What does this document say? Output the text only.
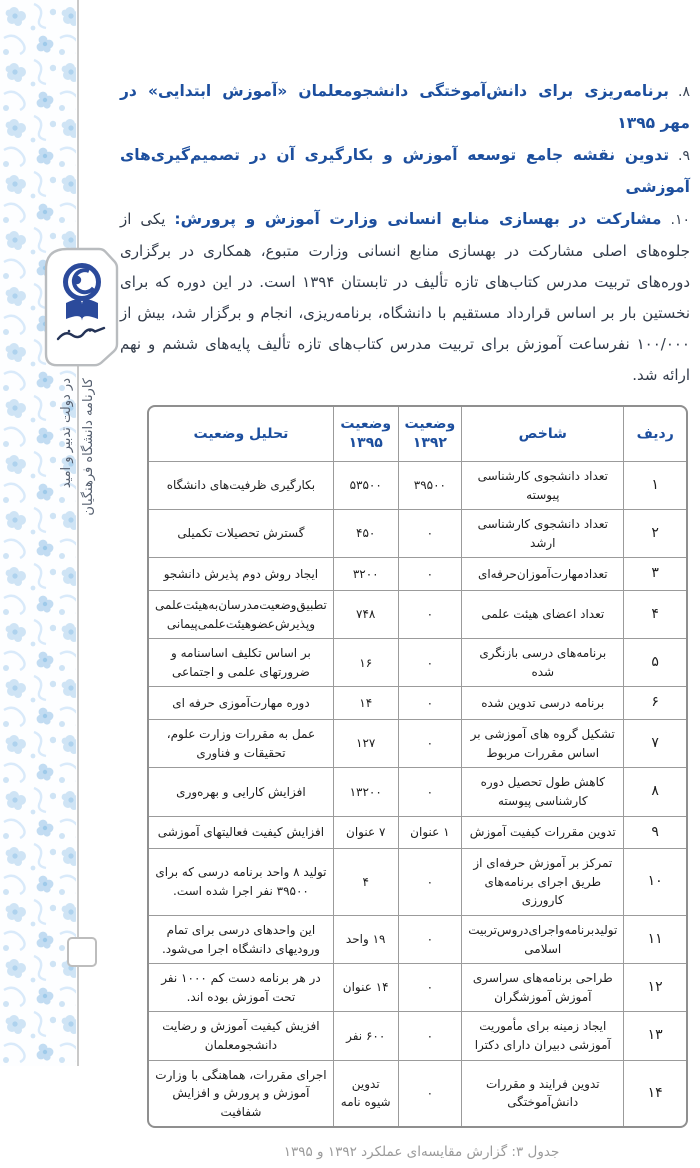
در دولت تدبیر و امید کارنامه دانشگاه فرهنگیان

۸.برنامه‌ریزی برای دانش‌آموختگی دانشجومعلمان «آموزش ابتدایی» در مهر ۱۳۹۵

۹.تدوین نقشه جامع توسعه آموزش و بکارگیری آن در تصمیم‌گیری‌های آموزشی

۱۰.مشارکت در بهسازی منابع انسانی وزارت آموزش و پرورش: یکی از جلوه‌های اصلی مشارکت در بهسازی منابع انسانی وزارت متبوع، همکاری در برگزاری دوره‌های تربیت مدرس کتاب‌های تازه تألیف در تابستان ۱۳۹۴ است. در این دوره که برای نخستین بار بر اساس قرارداد مستقیم با دانشگاه، برنامه‌ریزی، انجام و برگزار شد، بیش از ۱۰۰/۰۰۰ نفرساعت آموزش برای تربیت مدرس کتاب‌های تازه تألیف پایه‌های ششم و نهم ارائه شد.

ردیف	شاخص	وضعیت ۱۳۹۲	وضعیت ۱۳۹۵	تحلیل وضعیت
۱	تعداد دانشجوی کارشناسی پیوسته	۳۹۵۰۰	۵۳۵۰۰	بکارگیری ظرفیت‌های دانشگاه
۲	تعداد دانشجوی کارشناسی ارشد	۰	۴۵۰	گسترش تحصیلات تکمیلی
۳	تعدادمهارت‌آموزان‌حرفه‌ای	۰	۳۲۰۰	ایجاد روش دوم پذیرش دانشجو
۴	تعداد اعضای هیئت علمی	۰	۷۴۸	تطبیق‌وضعیت‌مدرسان‌به‌هیئت‌علمی وپذیرش‌عضوهیئت‌علمی‌پیمانی
۵	برنامه‌های درسی بازنگری شده	۰	۱۶	بر اساس تکلیف اساسنامه و ضرورتهای علمی و اجتماعی
۶	برنامه درسی تدوین شده	۰	۱۴	دوره مهارت‌آموزی حرفه ای
۷	تشکیل گروه های آموزشی بر اساس مقررات مربوط	۰	۱۲۷	عمل به مقررات وزارت علوم، تحقیقات و فناوری
۸	کاهش طول تحصیل دوره کارشناسی پیوسته	۰	۱۳۲۰۰	افزایش کارایی و بهره‌وری
۹	تدوین مقررات کیفیت آموزش	۱ عنوان	۷ عنوان	افزایش کیفیت فعالیتهای آموزشی
۱۰	تمرکز بر آموزش حرفه‌ای از طریق اجرای برنامه‌های کارورزی	۰	۴	تولید ۸ واحد برنامه درسی که برای ۳۹۵۰۰ نفر اجرا شده است.
۱۱	تولیدبرنامه‌واجرای‌دروس‌تربیت اسلامی	۰	۱۹ واحد	این واحدهای درسی برای تمام ورودیهای دانشگاه اجرا می‌شود.
۱۲	طراحی برنامه‌های سراسری آموزش آموزشگران	۰	۱۴ عنوان	در هر برنامه دست کم ۱۰۰۰ نفر تحت آموزش بوده اند.
۱۳	ایجاد زمینه برای مأموریت آموزشی دبیران دارای دکترا	۰	۶۰۰ نفر	افزیش کیفیت آموزش و رضایت دانشجومعلمان
۱۴	تدوین فرایند و مقررات دانش‌آموختگی	۰	تدوین شیوه نامه	اجرای مقررات، هماهنگی با وزارت آموزش و پرورش و افزایش شفافیت
جدول ۳: گزارش مقایسه‌ای عملکرد ۱۳۹۲ و ۱۳۹۵
